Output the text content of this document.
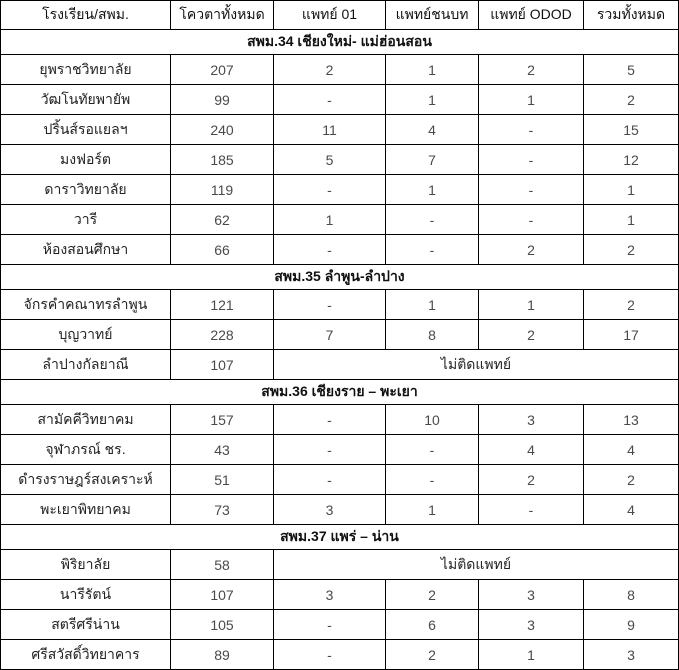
โรงเรียน/สพม.	โควตาทั้งหมด	แพทย์ 01	แพทย์ชนบท	แพทย์ ODOD	รวมทั้งหมด
สพม.34 เชียงใหม่- แม่ฮ่อนสอน					
ยุพราชวิทยาลัย	207	2	1	2	5
วัฒโนทัยพายัพ	99	-	1	1	2
ปริ้นส์รอแยลฯ	240	11	4	-	15
มงฟอร์ต	185	5	7	-	12
ดาราวิทยาลัย	119	-	1	-	1
วารี	62	1	-	-	1
ห้องสอนศึกษา	66	-	-	2	2
สพม.35 ลำพูน-ลำปาง					
จักรคำคณาทรลำพูน	121	-	1	1	2
บุญวาทย์	228	7	8	2	17
ลำปางกัลยาณี	107	ไม่ติดแพทย์			
สพม.36 เชียงราย – พะเยา					
สามัคคีวิทยาคม	157	-	10	3	13
จุฬาภรณ์ ชร.	43	-	-	4	4
ดำรงราษฎร์สงเคราะห์	51	-	-	2	2
พะเยาพิทยาคม	73	3	1	-	4
สพม.37 แพร่ – น่าน					
พิริยาลัย	58	ไม่ติดแพทย์			
นารีรัตน์	107	3	2	3	8
สตรีศรีน่าน	105	-	6	3	9
ศรีสวัสดิ์วิทยาคาร	89	-	2	1	3
